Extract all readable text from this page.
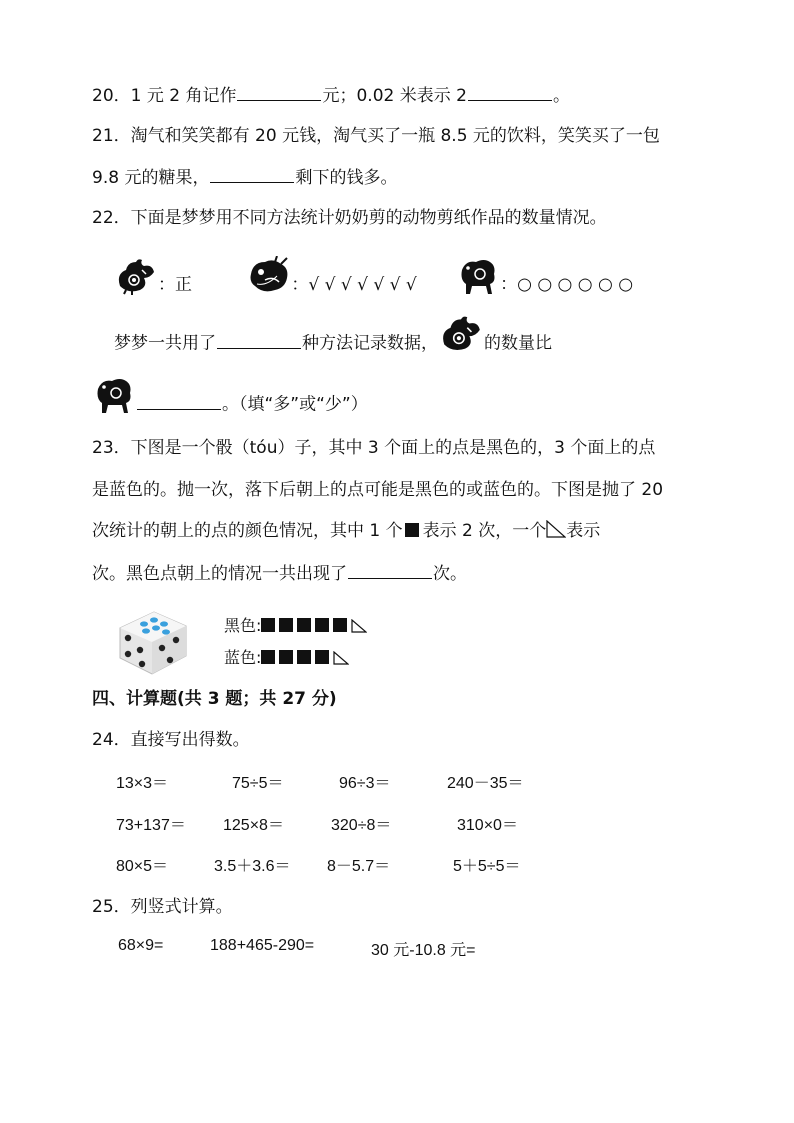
20．1 元 2 角记作	元；0.02 米表示 2	。
21．淘气和笑笑都有 20 元钱，淘气买了一瓶 8.5 元的饮料，笑笑买了一包
9.8 元的糖果，	剩下的钱多。
22．下面是梦梦用不同方法统计奶奶剪的动物剪纸作品的数量情况。
：正	：√ √ √ √ √ √ √	：○ ○ ○ ○ ○ ○
梦梦一共用了	种方法记录数据，	的数量比
。（填“多”或“少”）
23．下图是一个骰（tóu）子，其中 3 个面上的点是黑色的，3 个面上的点
是蓝色的。抛一次，落下后朝上的点可能是黑色的或蓝色的。下图是抛了 20
次统计的朝上的点的颜色情况，其中 1 个 表示 2 次，一个 表示
次。黑色点朝上的情况一共出现了	次。
黑色:
蓝色:
四、计算题(共 3 题；共 27 分)
24．直接写出得数。
13×3＝	75÷5＝	96÷3＝	240－35＝
73+137＝ 125×8＝	320÷8＝	310×0＝
80×5＝	3.5＋3.6＝ 8－5.7＝	5＋5÷5＝
25．列竖式计算。
68×9=	188+465-290=	30 元-10.8 元=
